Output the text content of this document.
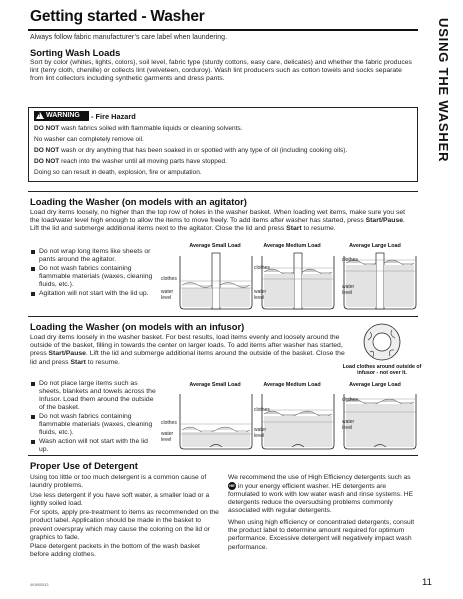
Getting started - Washer
USING THE WASHER
Always follow fabric manufacturer’s care label when laundering.
Sorting Wash Loads
Sort by color (whites, lights, colors), soil level, fabric type (sturdy cottons, easy care, delicates) and whether the fabric produces lint (terry cloth, chenille) or collects lint (velveteen, corduroy). Wash lint producers such as cotton towels and socks separate from lint collectors including synthetic garments and dress pants.
!
WARNING	- Fire Hazard
DO NOT wash fabrics soiled with flammable liquids or cleaning solvents.
No washer can completely remove oil.
DO NOT wash or dry anything that has been soaked in or spotted with any type of oil (including cooking oils).
DO NOT reach into the washer until all moving parts have stopped.
Doing so can result in death, explosion, fire or amputation.
Loading the Washer (on models with an agitator)
Load dry items loosely, no higher than the top row of holes in the washer basket. When loading wet items, make sure you set the load/water level high enough to allow the items to move freely. To add items after washer has started, press Start/Pause. Lift the lid and submerge additional items next to the agitator. Close the lid and press Start to resume.
Do not wrap long items like sheets or pants around the agitator.
Do not wash fabrics containing flammable materials (waxes, cleaning fluids, etc.).
Agitation will not start with the lid up.
Average Small Load	Average Medium Load	Average Large Load
clothes
water level
clothes
water level
clothes
water level
Loading the Washer (on models with an infusor)
Load dry items loosely in the washer basket. For best results, load items evenly and loosely around the outside of the basket, filling in towards the center on larger loads. To add items after washer has started, press Start/Pause. Lift the lid and submerge additional items around the outside of the basket. Close the lid and press Start to resume.
Load clothes around outside of infusor - not over it.
Do not place large items such as sheets, blankets and towels across the Infusor. Load them around the outside of the basket.
Do not wash fabrics containing flammable materials (waxes, cleaning fluids, etc.).
Wash action will not start with the lid up.
Average Small Load	Average Medium Load	Average Large Load
clothes
water level
clothes
water level
clothes
water level
Proper Use of Detergent

Using too little or too much detergent is a common cause of laundry problems.

Use less detergent if you have soft water, a smaller load or a lightly soiled load.

For spots, apply pre-treatment to items as recommended on the product label. Application should be made in the basket to prevent overspray which may cause the coloring on the lid or graphics to fade.

Place detergent packets in the bottom of the wash basket before adding clothes.

We recommend the use of High Efficiency detergents such as HE in your energy efficient washer. HE detergents are formulated to work with low water wash and rinse systems. HE detergents reduce the oversudsing problems commonly associated with regular detergents.

When using high efficiency or concentrated detergents, consult the product label to determine amount required for optimum performance. Excessive detergent will negatively impact wash performance.

49-5000113	11
